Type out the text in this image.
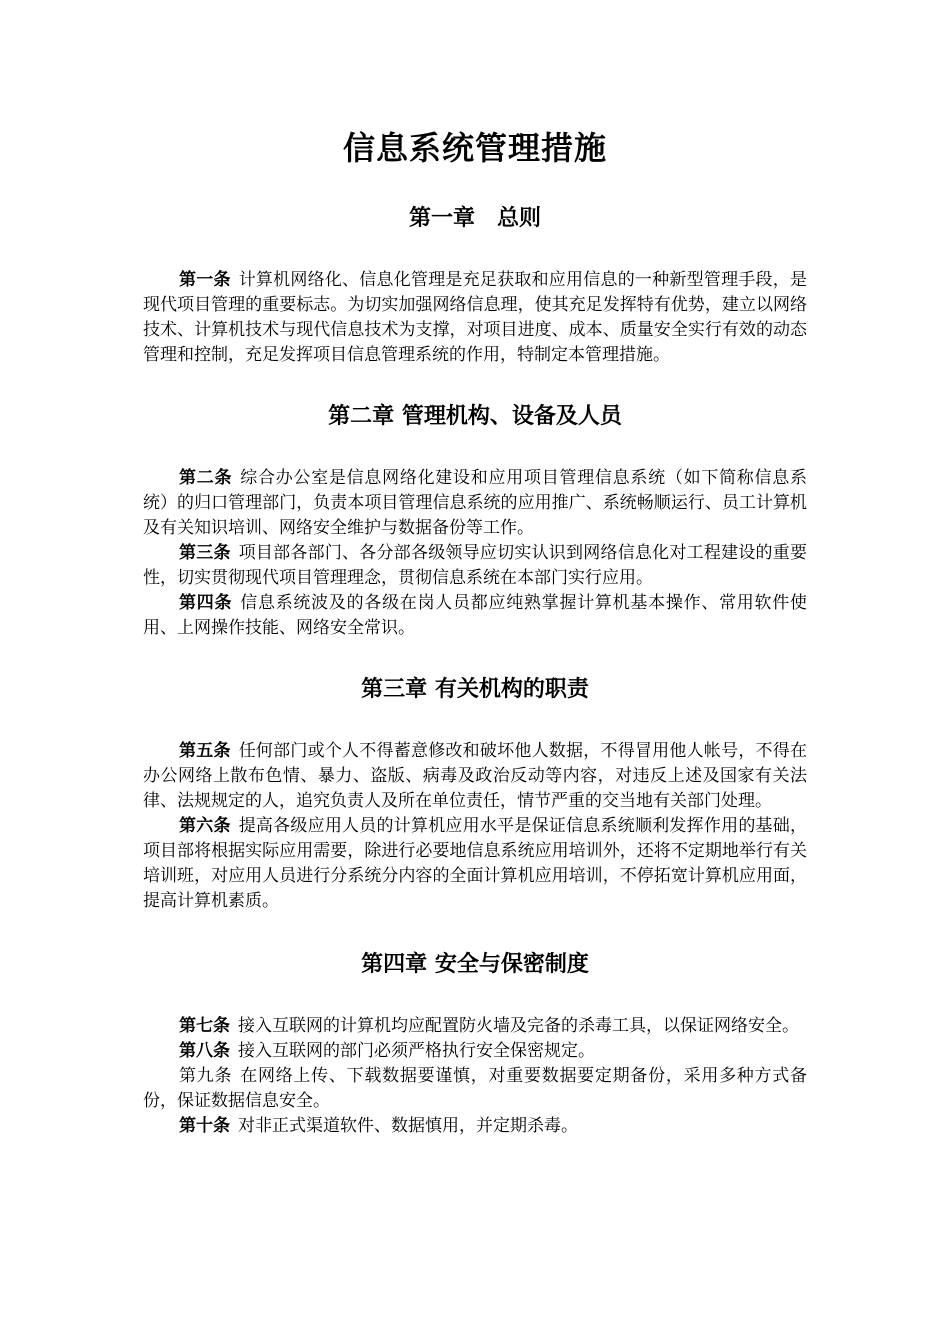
信息系统管理措施
第一章 总则

第一条 计算机网络化、信息化管理是充足获取和应用信息的一种新型管理手段，是现代项目管理的重要标志。为切实加强网络信息理，使其充足发挥特有优势，建立以网络技术、计算机技术与现代信息技术为支撑，对项目进度、成本、质量安全实行有效的动态管理和控制，充足发挥项目信息管理系统的作用，特制定本管理措施。

第二章 管理机构、设备及人员

第二条 综合办公室是信息网络化建设和应用项目管理信息系统（如下简称信息系统）的归口管理部门，负责本项目管理信息系统的应用推广、系统畅顺运行、员工计算机及有关知识培训、网络安全维护与数据备份等工作。

第三条 项目部各部门、各分部各级领导应切实认识到网络信息化对工程建设的重要性，切实贯彻现代项目管理理念，贯彻信息系统在本部门实行应用。

第四条 信息系统波及的各级在岗人员都应纯熟掌握计算机基本操作、常用软件使用、上网操作技能、网络安全常识。

第三章 有关机构的职责

第五条 任何部门或个人不得蓄意修改和破坏他人数据，不得冒用他人帐号，不得在办公网络上散布色情、暴力、盗版、病毒及政治反动等内容，对违反上述及国家有关法律、法规规定的人，追究负责人及所在单位责任，情节严重的交当地有关部门处理。

第六条 提高各级应用人员的计算机应用水平是保证信息系统顺利发挥作用的基础，项目部将根据实际应用需要，除进行必要地信息系统应用培训外，还将不定期地举行有关培训班，对应用人员进行分系统分内容的全面计算机应用培训，不停拓宽计算机应用面，提高计算机素质。

第四章 安全与保密制度

第七条 接入互联网的计算机均应配置防火墙及完备的杀毒工具，以保证网络安全。

第八条 接入互联网的部门必须严格执行安全保密规定。

第九条 在网络上传、下载数据要谨慎，对重要数据要定期备份，采用多种方式备份，保证数据信息安全。

第十条 对非正式渠道软件、数据慎用，并定期杀毒。
